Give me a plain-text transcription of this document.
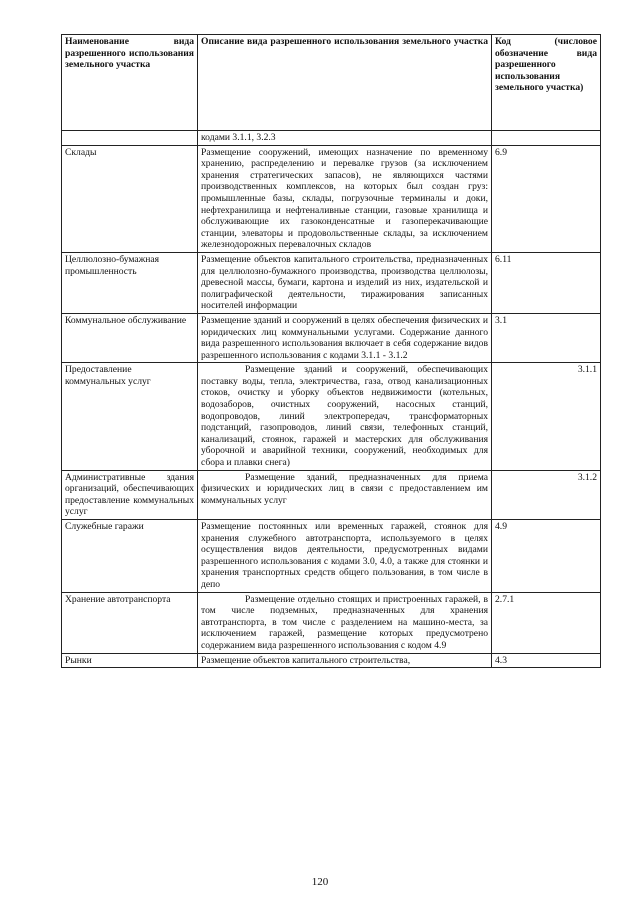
Наименование вида разрешенного использования земельного участка	Описание вида разрешенного использования земельного участка	Код (числовое обозначение вида разрешенного использования земельного участка)
	кодами 3.1.1, 3.2.3	
Склады	Размещение сооружений, имеющих назначение по временному хранению, распределению и перевалке грузов (за исключением хранения стратегических запасов), не являющихся частями производственных комплексов, на которых был создан груз: промышленные базы, склады, погрузочные терминалы и доки, нефтехранилища и нефтеналивные станции, газовые хранилища и обслуживающие их газоконденсатные и газоперекачивающие станции, элеваторы и продовольственные склады, за исключением железнодорожных перевалочных складов	6.9
Целлюлозно-бумажная промышленность	Размещение объектов капитального строительства, предназначенных для целлюлозно-бумажного производства, производства целлюлозы, древесной массы, бумаги, картона и изделий из них, издательской и полиграфической деятельности, тиражирования записанных носителей информации	6.11
Коммунальное обслуживание	Размещение зданий и сооружений в целях обеспечения физических и юридических лиц коммунальными услугами. Содержание данного вида разрешенного использования включает в себя содержание видов разрешенного использования с кодами 3.1.1 - 3.1.2	3.1
Предоставление коммунальных услуг	Размещение зданий и сооружений, обеспечивающих поставку воды, тепла, электричества, газа, отвод канализационных стоков, очистку и уборку объектов недвижимости (котельных, водозаборов, очистных сооружений, насосных станций, водопроводов, линий электропередач, трансформаторных подстанций, газопроводов, линий связи, телефонных станций, канализаций, стоянок, гаражей и мастерских для обслуживания уборочной и аварийной техники, сооружений, необходимых для сбора и плавки снега)	3.1.1
Административные здания организаций, обеспечивающих предоставление коммунальных услуг	Размещение зданий, предназначенных для приема физических и юридических лиц в связи с предоставлением им коммунальных услуг	3.1.2
Служебные гаражи	Размещение постоянных или временных гаражей, стоянок для хранения служебного автотранспорта, используемого в целях осуществления видов деятельности, предусмотренных видами разрешенного использования с кодами 3.0, 4.0, а также для стоянки и хранения транспортных средств общего пользования, в том числе в депо	4.9
Хранение автотранспорта	Размещение отдельно стоящих и пристроенных гаражей, в том числе подземных, предназначенных для хранения автотранспорта, в том числе с разделением на машино-места, за исключением гаражей, размещение которых предусмотрено содержанием вида разрешенного использования с кодом 4.9	2.7.1
Рынки	Размещение объектов капитального строительства,	4.3
120
